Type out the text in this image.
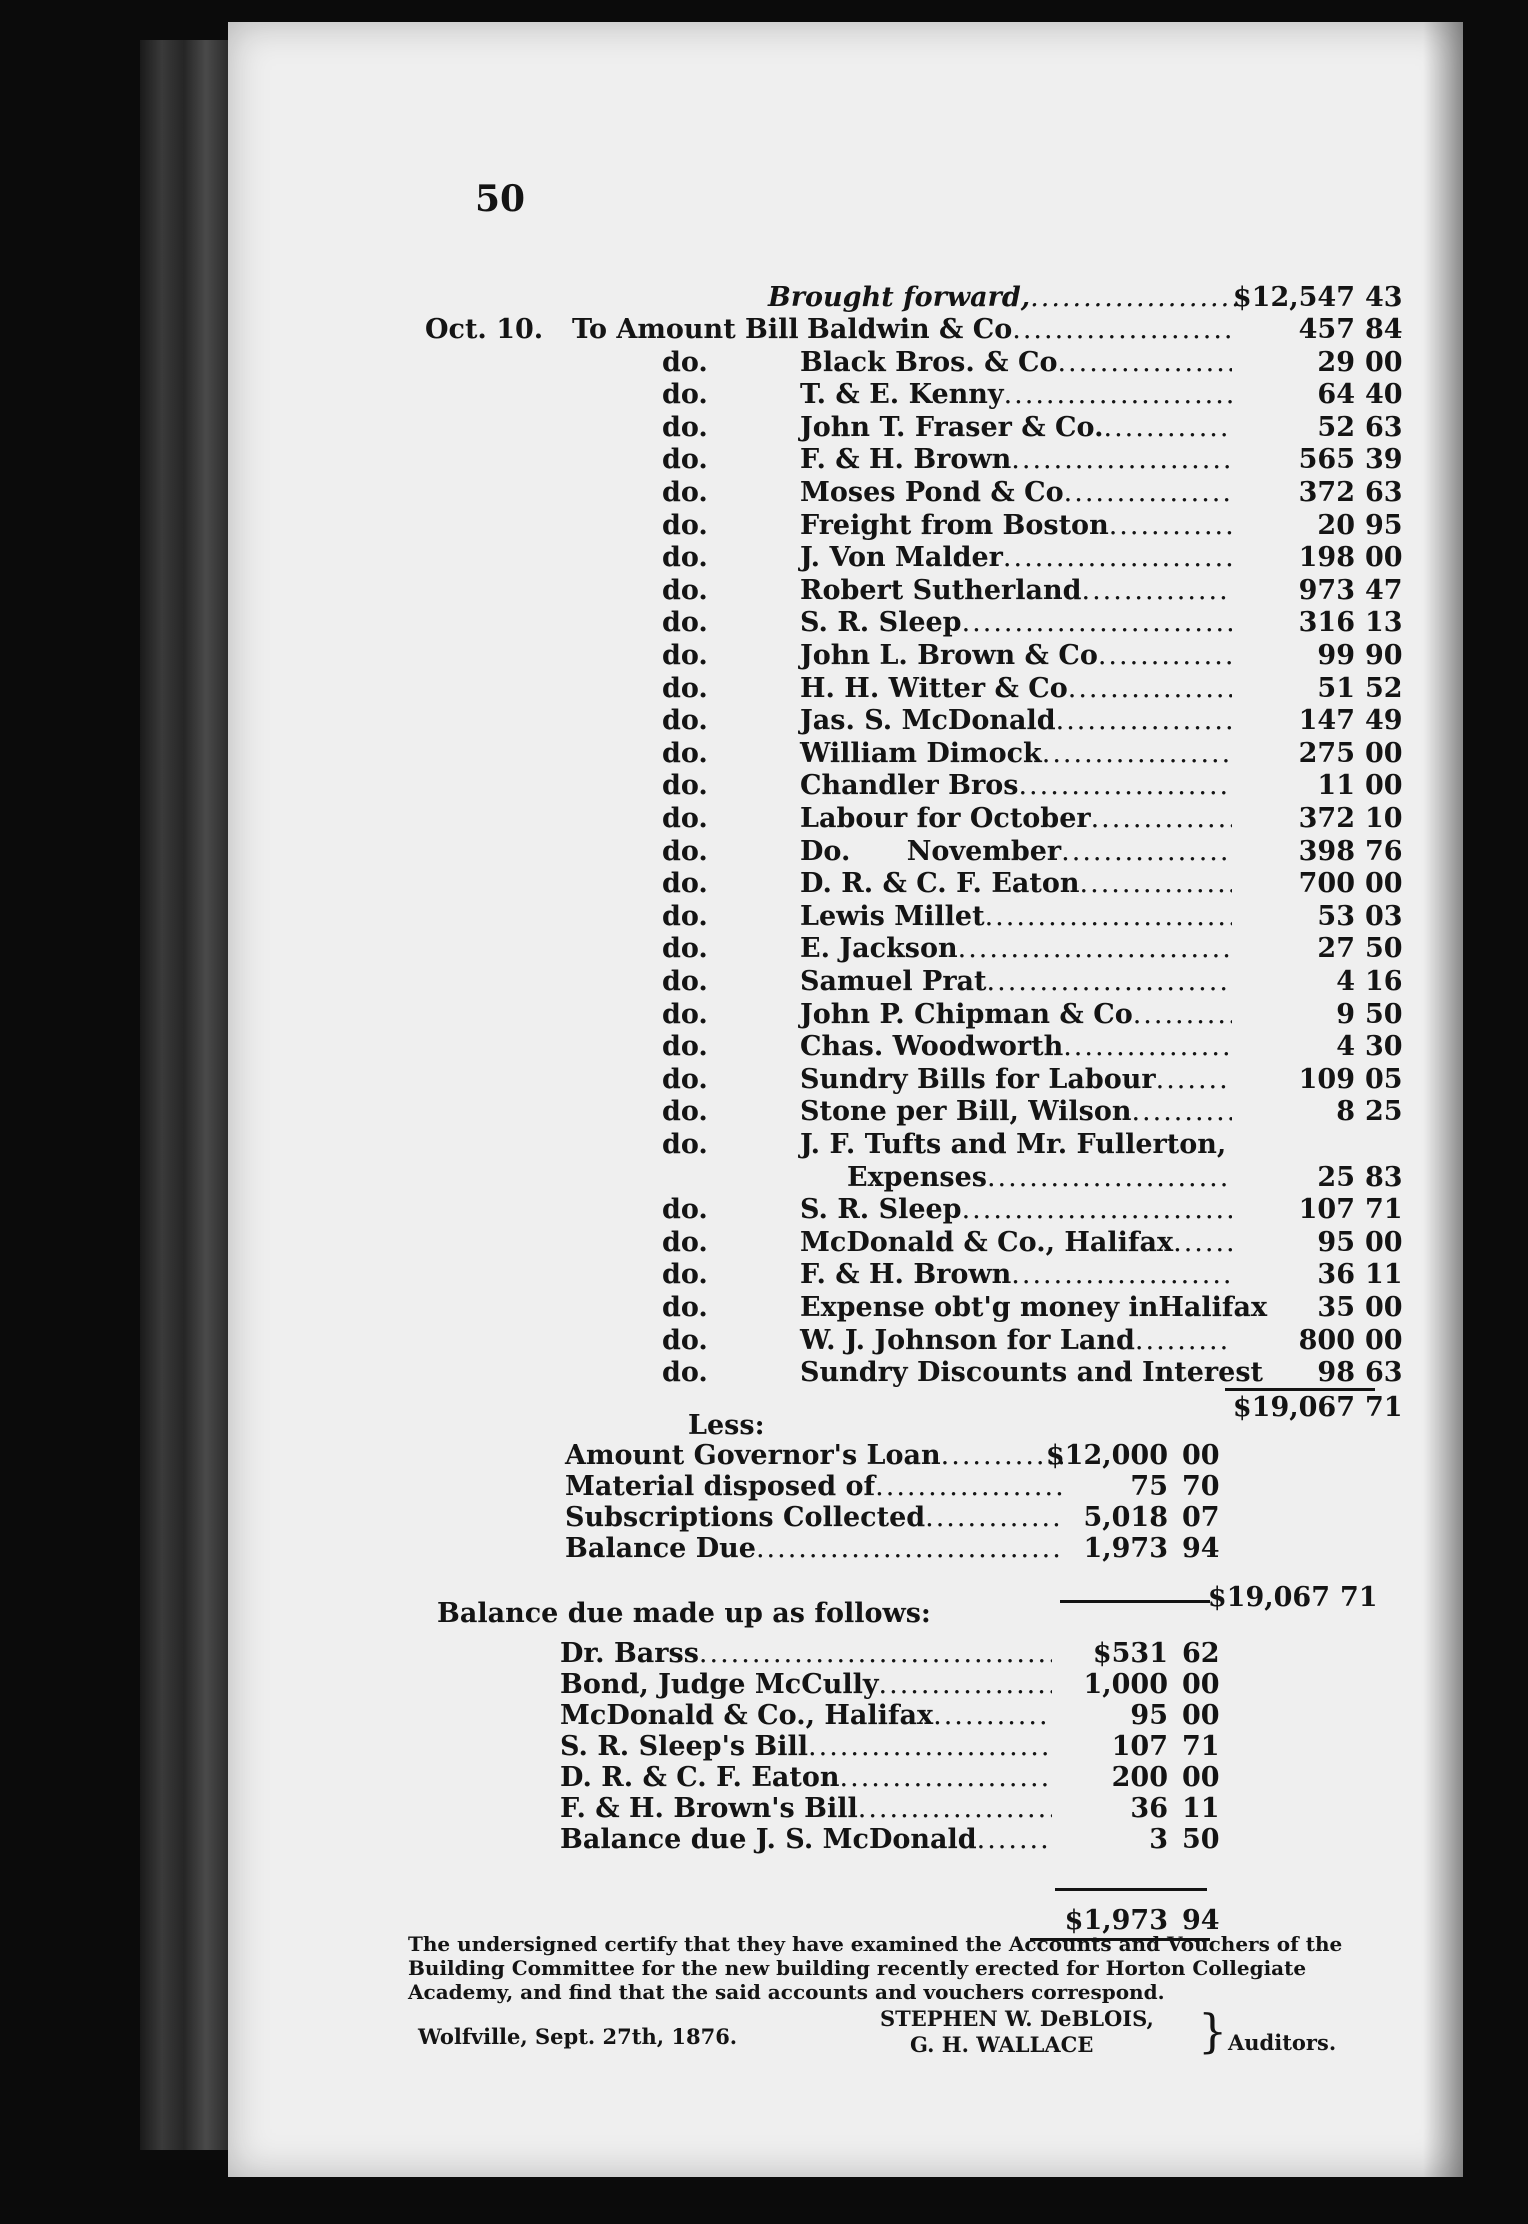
50
Brought forward, .....	$12,547 43
Oct. 10. To Amount Bill Baldwin & Co .....	457 84
do.	Black Bros. & Co .....	29 00
do.	T. & E. Kenny .....	64 40
do.	John T. Fraser & Co. .....	52 63
do.	F. & H. Brown .....	565 39
do.	Moses Pond & Co .....	372 63
do.	Freight from Boston .....	20 95
do.	J. Von Malder .....	198 00
do.	Robert Sutherland .....	973 47
do.	S. R. Sleep .....	316 13
do.	John L. Brown & Co .....	99 90
do.	H. H. Witter & Co .....	51 52
do.	Jas. S. McDonald .....	147 49
do.	William Dimock .....	275 00
do.	Chandler Bros .....	11 00
do.	Labour for October .....	372 10
do.	Do.      November .....	398 76
do.	D. R. & C. F. Eaton .....	700 00
do.	Lewis Millet .....	53 03
do.	E. Jackson .....	27 50
do.	Samuel Prat .....	4 16
do.	John P. Chipman & Co .....	9 50
do.	Chas. Woodworth .....	4 30
do.	Sundry Bills for Labour .....	109 05
do.	Stone per Bill, Wilson .....	8 25
do.	J. F. Tufts and Mr. Fullerton,
Expenses .....	25 83
do.	S. R. Sleep .....	107 71
do.	McDonald & Co., Halifax .....	95 00
do.	F. & H. Brown .....	36 11
do.	Expense obt'g money inHalifax 35 00
do.	W. J. Johnson for Land .....	800 00
do.	Sundry Discounts and Interest 98 63
$19,067 71
Less:
Amount Governor's Loan .....	$12,000 00
Material disposed of .....	75 70
Subscriptions Collected .....	5,018 07
Balance Due .....	1,973 94
$19,067 71
Balance due made up as follows:
Dr. Barss .....	$531 62
Bond, Judge McCully .....	1,000 00
McDonald & Co., Halifax .....	95 00
S. R. Sleep's Bill .....	107 71
D. R. & C. F. Eaton .....	200 00
F. & H. Brown's Bill .....	36 11
Balance due J. S. McDonald .....	3 50
$1,973 94
The undersigned certify that they have examined the Accounts and Vouchers of the Building Committee for the new building recently erected for Horton Collegiate Academy, and find that the said accounts and vouchers correspond.
Wolfville, Sept. 27th, 1876.
STEPHEN W. DeBLOIS,
G. H. WALLACE } Auditors.
